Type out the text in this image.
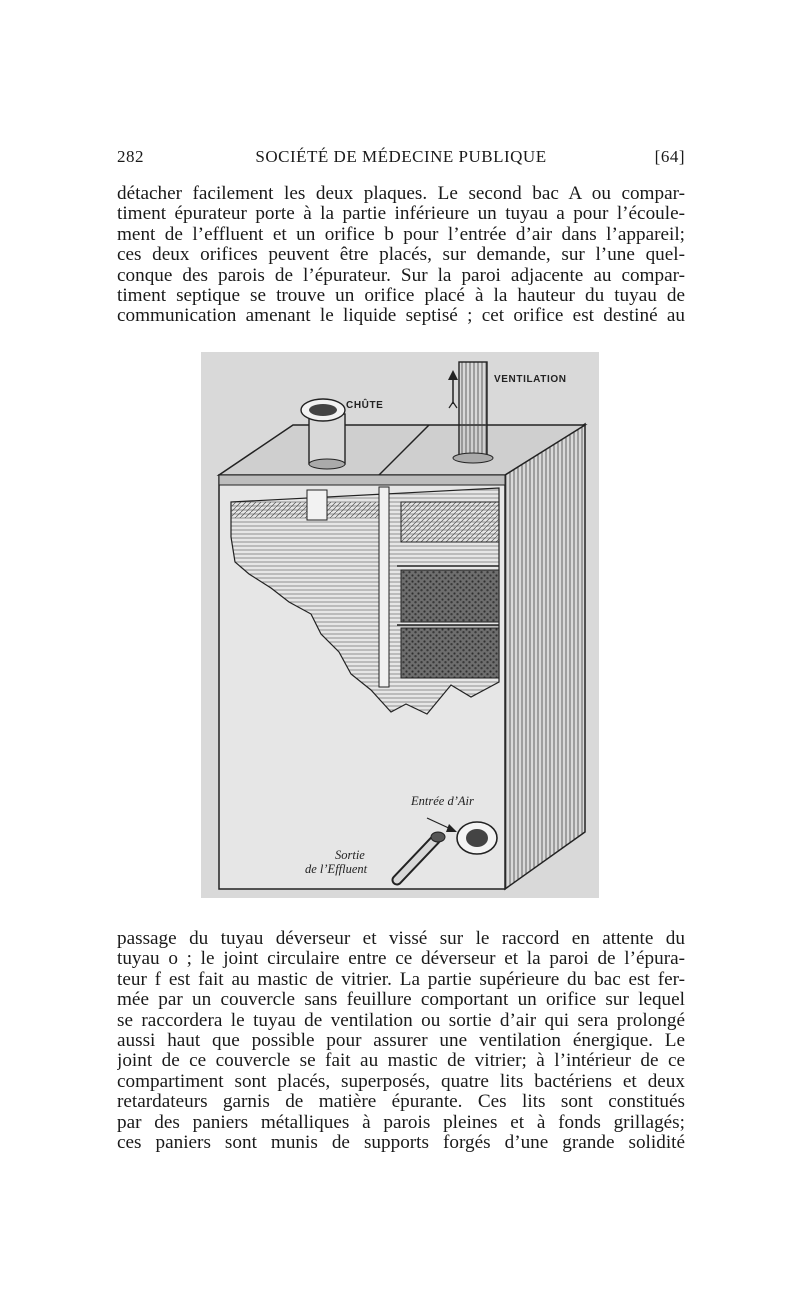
282	SOCIÉTÉ DE MÉDECINE PUBLIQUE	[64]
détacher facilement les deux plaques. Le second bac A ou compar-
timent épurateur porte à la partie inférieure un tuyau a pour l’écoule-
ment de l’effluent et un orifice b pour l’entrée d’air dans l’appareil;
ces deux orifices peuvent être placés, sur demande, sur l’une quel-
conque des parois de l’épurateur. Sur la paroi adjacente au compar-
timent septique se trouve un orifice placé à la hauteur du tuyau de
communication amenant le liquide septisé ; cet orifice est destiné au
CHÛTE
VENTILATION
Entrée d’Air
Sortie
de l’Effluent
passage du tuyau déverseur et vissé sur le raccord en attente du
tuyau o ; le joint circulaire entre ce déverseur et la paroi de l’épura-
teur f est fait au mastic de vitrier. La partie supérieure du bac est fer-
mée par un couvercle sans feuillure comportant un orifice sur lequel
se raccordera le tuyau de ventilation ou sortie d’air qui sera prolongé
aussi haut que possible pour assurer une ventilation énergique. Le
joint de ce couvercle se fait au mastic de vitrier; à l’intérieur de ce
compartiment sont placés, superposés, quatre lits bactériens et deux
retardateurs garnis de matière épurante. Ces lits sont constitués
par des paniers métalliques à parois pleines et à fonds grillagés;
ces paniers sont munis de supports forgés d’une grande solidité
